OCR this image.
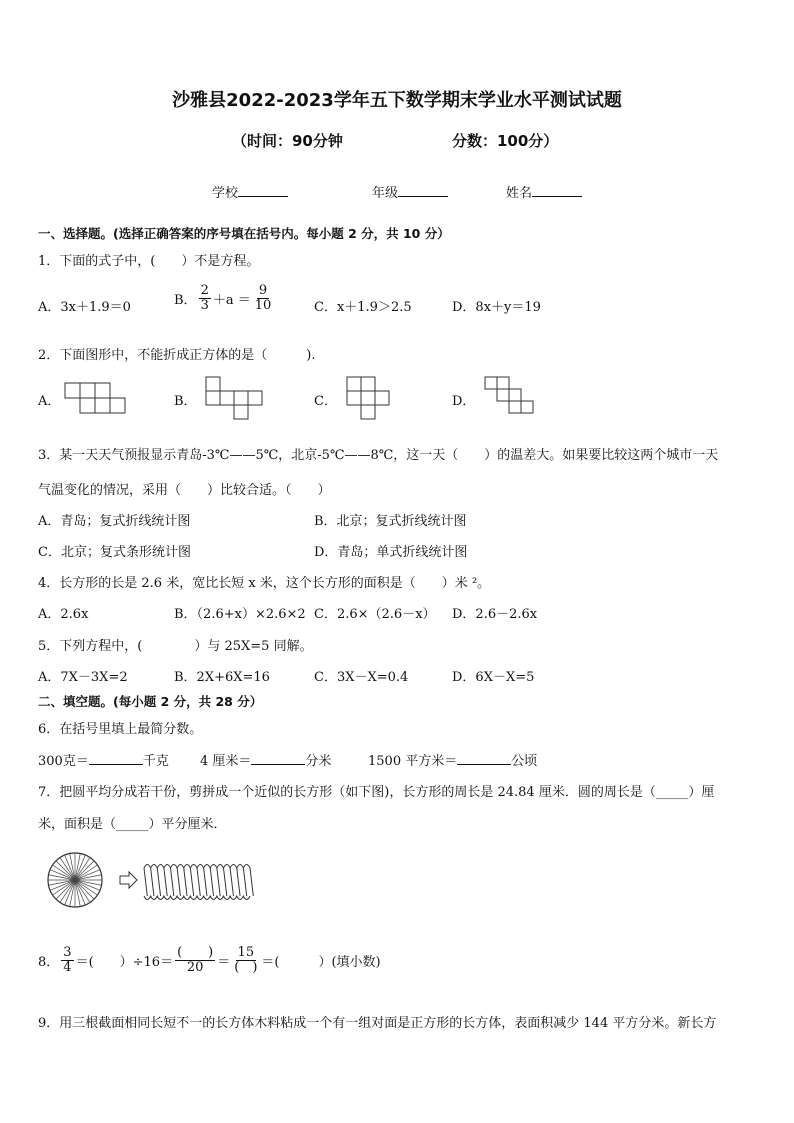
沙雅县2022-2023学年五下数学期末学业水平测试试题
（时间：90分钟	分数：100分）
学校	年级	姓名
一、选择题。(选择正确答案的序号填在括号内。每小题 2 分，共 10 分）
1．下面的式子中，(　　）不是方程。
A．3x＋1.9＝0	B． $\frac{2}{3} +a = \frac{9}{10}$	C．x＋1.9＞2.5	D．8x＋y＝19
2．下面图形中，不能折成正方体的是（　　　).
A．	B．	C．	D．
3．某一天天气预报显示青岛-3℃——5℃，北京-5℃——8℃，这一天（　　）的温差大。如果要比较这两个城市一天
气温变化的情况，采用（　　）比较合适。（　　）
A．青岛；复式折线统计图	B．北京；复式折线统计图
C．北京；复式条形统计图	D．青岛；单式折线统计图
4．长方形的长是 2.6 米，宽比长短 x 米，这个长方形的面积是（　　）米 ²。
A．2.6x	B．（2.6+x）×2.6×2 C．2.6×（2.6－x） D．2.6－2.6x
5．下列方程中，(　　　　）与 25X=5 同解。
A．7X－3X=2	B．2X+6X=16	C．3X－X=0.4	D．6X－X=5
二、填空题。(每小题 2 分，共 28 分）
6．在括号里填上最简分数。
300克＝	千克 4 厘米＝	分米	1500 平方米＝	公顷
7．把圆平均分成若干份，剪拼成一个近似的长方形（如下图)，长方形的周长是 24.84 厘米．圆的周长是（_____）厘
米，面积是（_____）平分厘米．
8． $\frac{3}{4}$ ＝(　　）$\div 16= \frac{( )}{20} = \frac{15}{( )}$ ＝(　　　）(填小数)
9．用三根截面相同长短不一的长方体木料粘成一个有一组对面是正方形的长方体，表面积减少 144 平方分米。新长方
